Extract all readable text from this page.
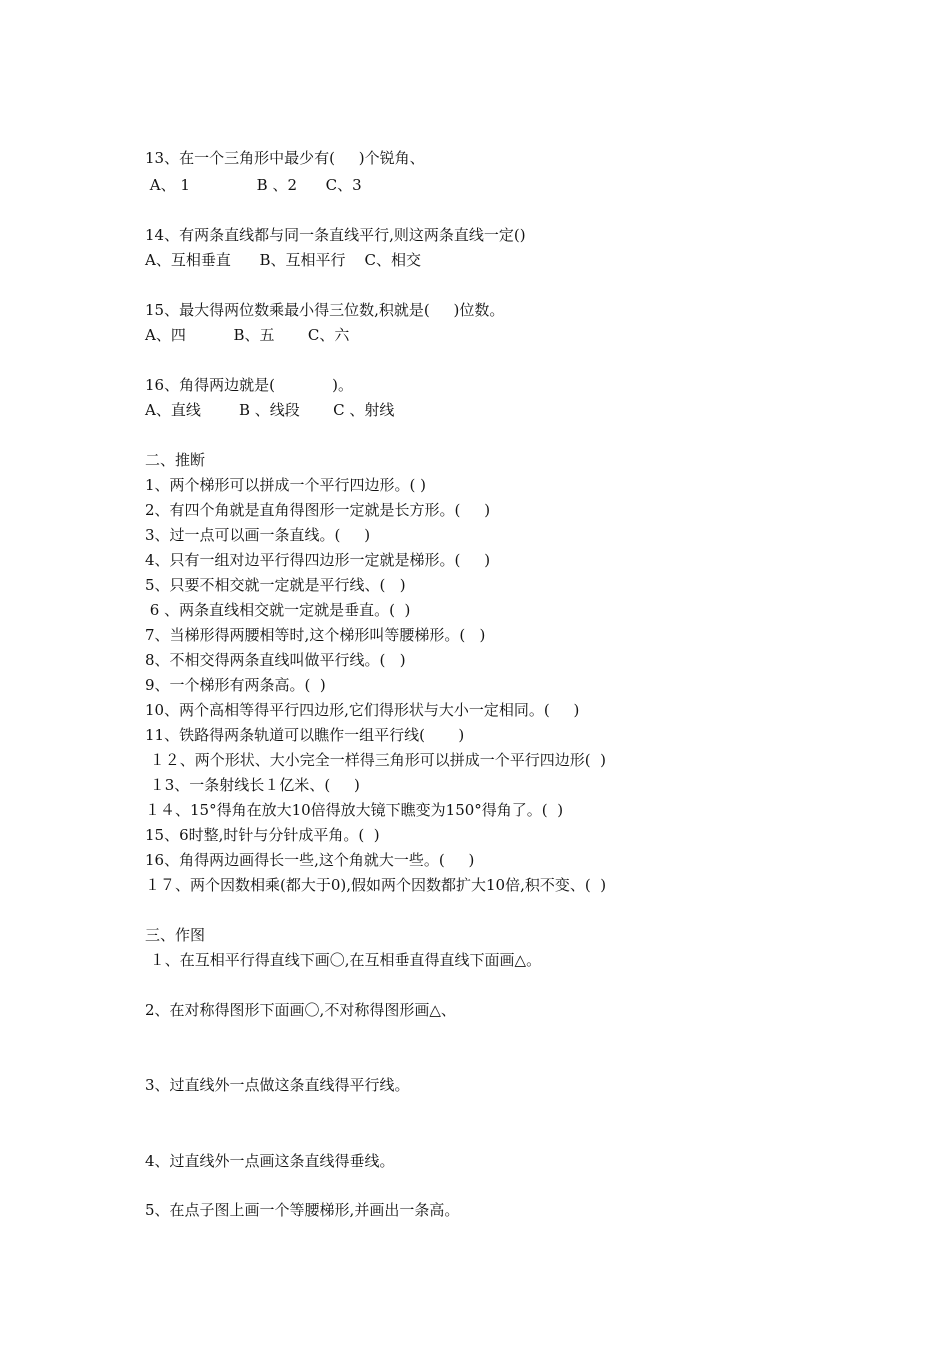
13、在一个三角形中最少有(     )个锐角、
A、 1              B 、2      C、3
14、有两条直线都与同一条直线平行,则这两条直线一定()
A、互相垂直      B、互相平行    C、相交
15、最大得两位数乘最小得三位数,积就是(     )位数。
A、四          B、五       C、六
16、角得两边就是(            )。
A、直线        B 、线段       C 、射线
二、推断
1、两个梯形可以拼成一个平行四边形。( )
2、有四个角就是直角得图形一定就是长方形。(     )
3、过一点可以画一条直线。(     )
4、只有一组对边平行得四边形一定就是梯形。(     )
5、只要不相交就一定就是平行线、(   )
6 、两条直线相交就一定就是垂直。(  )
7、当梯形得两腰相等时,这个梯形叫等腰梯形。(   )
8、不相交得两条直线叫做平行线。(   )
9、一个梯形有两条高。(  )
10、两个高相等得平行四边形,它们得形状与大小一定相同。(     )
11、铁路得两条轨道可以瞧作一组平行线(       )
１２、两个形状、大小完全一样得三角形可以拼成一个平行四边形(  )
１3、一条射线长１亿米、(     )
１４、15°得角在放大10倍得放大镜下瞧变为150°得角了。(  )
15、6时整,时针与分针成平角。(  )
16、角得两边画得长一些,这个角就大一些。(     )
１７、两个因数相乘(都大于0),假如两个因数都扩大10倍,积不变、(  )
三、作图
１、在互相平行得直线下画〇,在互相垂直得直线下面画△。
2、在对称得图形下面画〇,不对称得图形画△、
3、过直线外一点做这条直线得平行线。
4、过直线外一点画这条直线得垂线。
5、在点子图上画一个等腰梯形,并画出一条高。
